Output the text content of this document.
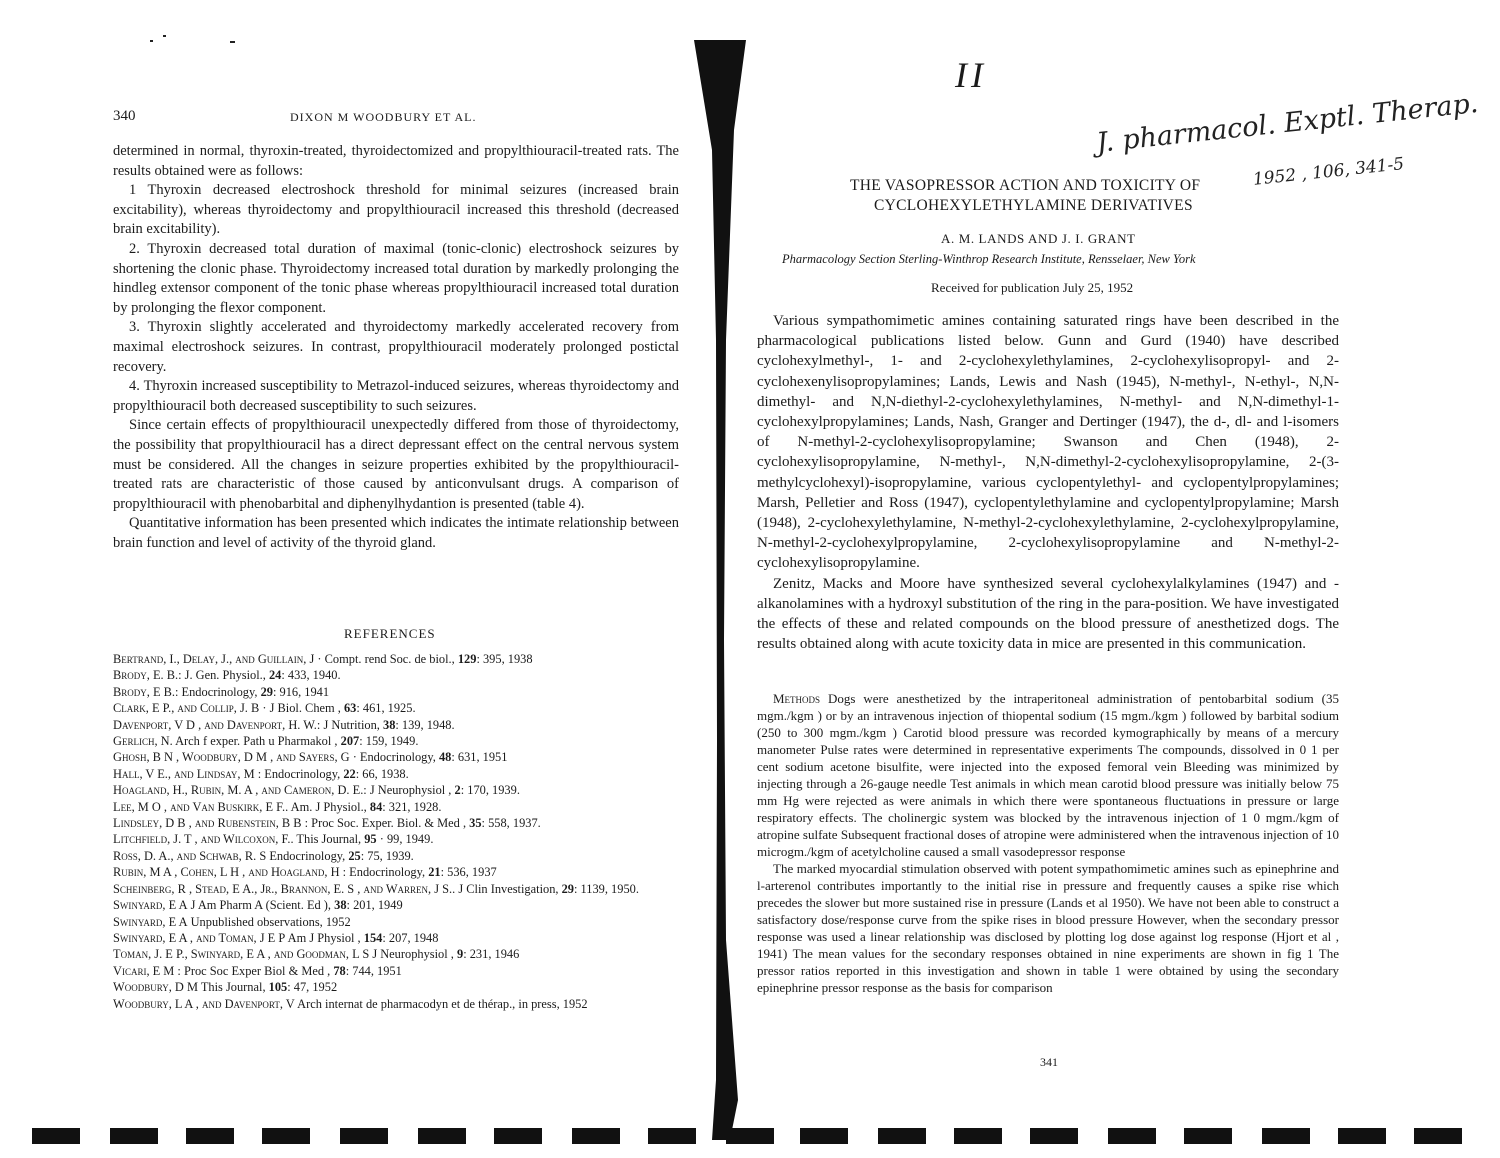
340	DIXON M WOODBURY ET AL.

determined in normal, thyroxin-treated, thyroidectomized and propylthiouracil-treated rats. The results obtained were as follows:

1 Thyroxin decreased electroshock threshold for minimal seizures (increased brain excitability), whereas thyroidectomy and propylthiouracil increased this threshold (decreased brain excitability).

2. Thyroxin decreased total duration of maximal (tonic-clonic) electroshock seizures by shortening the clonic phase. Thyroidectomy increased total duration by markedly prolonging the hindleg extensor component of the tonic phase whereas propylthiouracil increased total duration by prolonging the flexor component.

3. Thyroxin slightly accelerated and thyroidectomy markedly accelerated recovery from maximal electroshock seizures. In contrast, propylthiouracil moderately prolonged postictal recovery.

4. Thyroxin increased susceptibility to Metrazol-induced seizures, whereas thyroidectomy and propylthiouracil both decreased susceptibility to such seizures.

Since certain effects of propylthiouracil unexpectedly differed from those of thyroidectomy, the possibility that propylthiouracil has a direct depressant effect on the central nervous system must be considered. All the changes in seizure properties exhibited by the propylthiouracil-treated rats are characteristic of those caused by anticonvulsant drugs. A comparison of propylthiouracil with phenobarbital and diphenylhydantion is presented (table 4).

Quantitative information has been presented which indicates the intimate relationship between brain function and level of activity of the thyroid gland.

REFERENCES

Bertrand, I., Delay, J., and Guillain, J · Compt. rend Soc. de biol., 129: 395, 1938

Brody, E. B.: J. Gen. Physiol., 24: 433, 1940.

Brody, E B.: Endocrinology, 29: 916, 1941

Clark, E P., and Collip, J. B · J Biol. Chem , 63: 461, 1925.

Davenport, V D , and Davenport, H. W.: J Nutrition, 38: 139, 1948.

Gerlich, N. Arch f exper. Path u Pharmakol , 207: 159, 1949.

Ghosh, B N , Woodbury, D M , and Sayers, G · Endocrinology, 48: 631, 1951

Hall, V E., and Lindsay, M : Endocrinology, 22: 66, 1938.

Hoagland, H., Rubin, M. A , and Cameron, D. E.: J Neurophysiol , 2: 170, 1939.

Lee, M O , and Van Buskirk, E F.. Am. J Physiol., 84: 321, 1928.

Lindsley, D B , and Rubenstein, B B : Proc Soc. Exper. Biol. & Med , 35: 558, 1937.

Litchfield, J. T , and Wilcoxon, F.. This Journal, 95 · 99, 1949.

Ross, D. A., and Schwab, R. S Endocrinology, 25: 75, 1939.

Rubin, M A , Cohen, L H , and Hoagland, H : Endocrinology, 21: 536, 1937

Scheinberg, R , Stead, E A., Jr., Brannon, E. S , and Warren, J S.. J Clin Investigation, 29: 1139, 1950.

Swinyard, E A J Am Pharm A (Scient. Ed ), 38: 201, 1949

Swinyard, E A Unpublished observations, 1952

Swinyard, E A , and Toman, J E P Am J Physiol , 154: 207, 1948

Toman, J. E P., Swinyard, E A , and Goodman, L S J Neurophysiol , 9: 231, 1946

Vicari, E M : Proc Soc Exper Biol & Med , 78: 744, 1951

Woodbury, D M This Journal, 105: 47, 1952

Woodbury, L A , and Davenport, V Arch internat de pharmacodyn et de thérap., in press, 1952

II
J. pharmacol. Exptl. Therap.
1952 , 106, 341-5
THE VASOPRESSOR ACTION AND TOXICITY OF
CYCLOHEXYLETHYLAMINE DERIVATIVES
A. M. LANDS AND J. I. GRANT
Pharmacology Section Sterling-Winthrop Research Institute, Rensselaer, New York
Received for publication July 25, 1952

Various sympathomimetic amines containing saturated rings have been described in the pharmacological publications listed below. Gunn and Gurd (1940) have described cyclohexylmethyl-, 1- and 2-cyclohexylethylamines, 2-cyclohexylisopropyl- and 2-cyclohexenylisopropylamines; Lands, Lewis and Nash (1945), N-methyl-, N-ethyl-, N,N-dimethyl- and N,N-diethyl-2-cyclohexylethylamines, N-methyl- and N,N-dimethyl-1-cyclohexylpropylamines; Lands, Nash, Granger and Dertinger (1947), the d-, dl- and l-isomers of N-methyl-2-cyclohexylisopropylamine; Swanson and Chen (1948), 2-cyclohexylisopropylamine, N-methyl-, N,N-dimethyl-2-cyclohexylisopropylamine, 2-(3-methylcyclohexyl)-isopropylamine, various cyclopentylethyl- and cyclopentylpropylamines; Marsh, Pelletier and Ross (1947), cyclopentylethylamine and cyclopentylpropylamine; Marsh (1948), 2-cyclohexylethylamine, N-methyl-2-cyclohexylethylamine, 2-cyclohexylpropylamine, N-methyl-2-cyclohexylpropylamine, 2-cyclohexylisopropylamine and N-methyl-2-cyclohexylisopropylamine.

Zenitz, Macks and Moore have synthesized several cyclohexylalkylamines (1947) and -alkanolamines with a hydroxyl substitution of the ring in the para-position. We have investigated the effects of these and related compounds on the blood pressure of anesthetized dogs. The results obtained along with acute toxicity data in mice are presented in this communication.

Methods Dogs were anesthetized by the intraperitoneal administration of pentobarbital sodium (35 mgm./kgm ) or by an intravenous injection of thiopental sodium (15 mgm./kgm ) followed by barbital sodium (250 to 300 mgm./kgm ) Carotid blood pressure was recorded kymographically by means of a mercury manometer Pulse rates were determined in representative experiments The compounds, dissolved in 0 1 per cent sodium acetone bisulfite, were injected into the exposed femoral vein Bleeding was minimized by injecting through a 26-gauge needle Test animals in which mean carotid blood pressure was initially below 75 mm Hg were rejected as were animals in which there were spontaneous fluctuations in pressure or large respiratory effects. The cholinergic system was blocked by the intravenous injection of 1 0 mgm./kgm of atropine sulfate Subsequent fractional doses of atropine were administered when the intravenous injection of 10 microgm./kgm of acetylcholine caused a small vasodepressor response

The marked myocardial stimulation observed with potent sympathomimetic amines such as epinephrine and l-arterenol contributes importantly to the initial rise in pressure and frequently causes a spike rise which precedes the slower but more sustained rise in pressure (Lands et al 1950). We have not been able to construct a satisfactory dose/response curve from the spike rises in blood pressure However, when the secondary pressor response was used a linear relationship was disclosed by plotting log dose against log response (Hjort et al , 1941) The mean values for the secondary responses obtained in nine experiments are shown in fig 1 The pressor ratios reported in this investigation and shown in table 1 were obtained by using the secondary epinephrine pressor response as the basis for comparison

341
